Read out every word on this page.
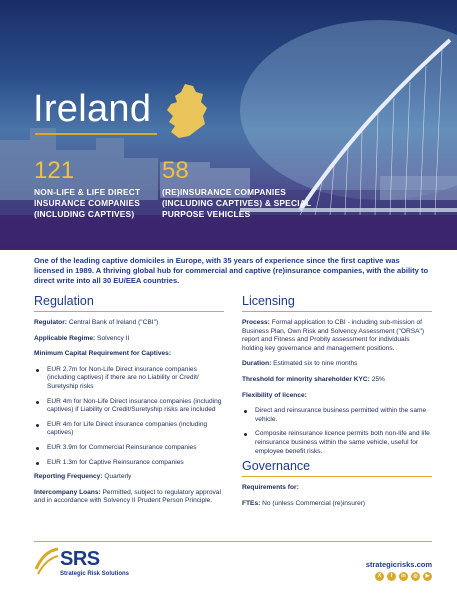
Ireland
121
NON-LIFE & LIFE DIRECT INSURANCE COMPANIES (INCLUDING CAPTIVES)
58
(RE)INSURANCE COMPANIES (INCLUDING CAPTIVES) & SPECIAL PURPOSE VEHICLES
One of the leading captive domiciles in Europe, with 35 years of experience since the first captive was licensed in 1989. A thriving global hub for commercial and captive (re)insurance companies, with the ability to direct write into all 30 EU/EEA countries.
Regulation
Regulator: Central Bank of Ireland ("CBI")
Applicable Regime: Solvency II
Minimum Capital Requirement for Captives:
EUR 2.7m for Non-Life Direct insurance companies (including captives) if there are no Liability or Credit/ Suretyship risks
EUR 4m for Non-Life Direct insurance companies (including captives) if Liability or Credit/Suretyship risks are included
EUR 4m for Life Direct insurance companies (including captives)
EUR 3.9m for Commercial Reinsurance companies
EUR 1.3m for Captive Reinsurance companies
Reporting Frequency: Quarterly
Intercompany Loans: Permitted, subject to regulatory approval and in accordance with Solvency II Prudent Person Principle.
Licensing
Process: Formal application to CBI - including sub-mission of Business Plan, Own Risk and Solvency Assessment ("ORSA") report and Fitness and Probity assessment for individuals holding key governance and management positions.
Duration: Estimated six to nine months
Threshold for minority shareholder KYC: 25%
Flexibility of licence:
Direct and reinsurance business permitted within the same vehicle.
Composite reinsurance licence permits both non-life and life reinsurance business within the same vehicle, useful for employee benefit risks.
Governance
Requirements for:
FTEs: No (unless Commercial (re)insurer)
SRS
Strategic Risk Solutions
strategicrisks.com
X	f	in	◎	▶
